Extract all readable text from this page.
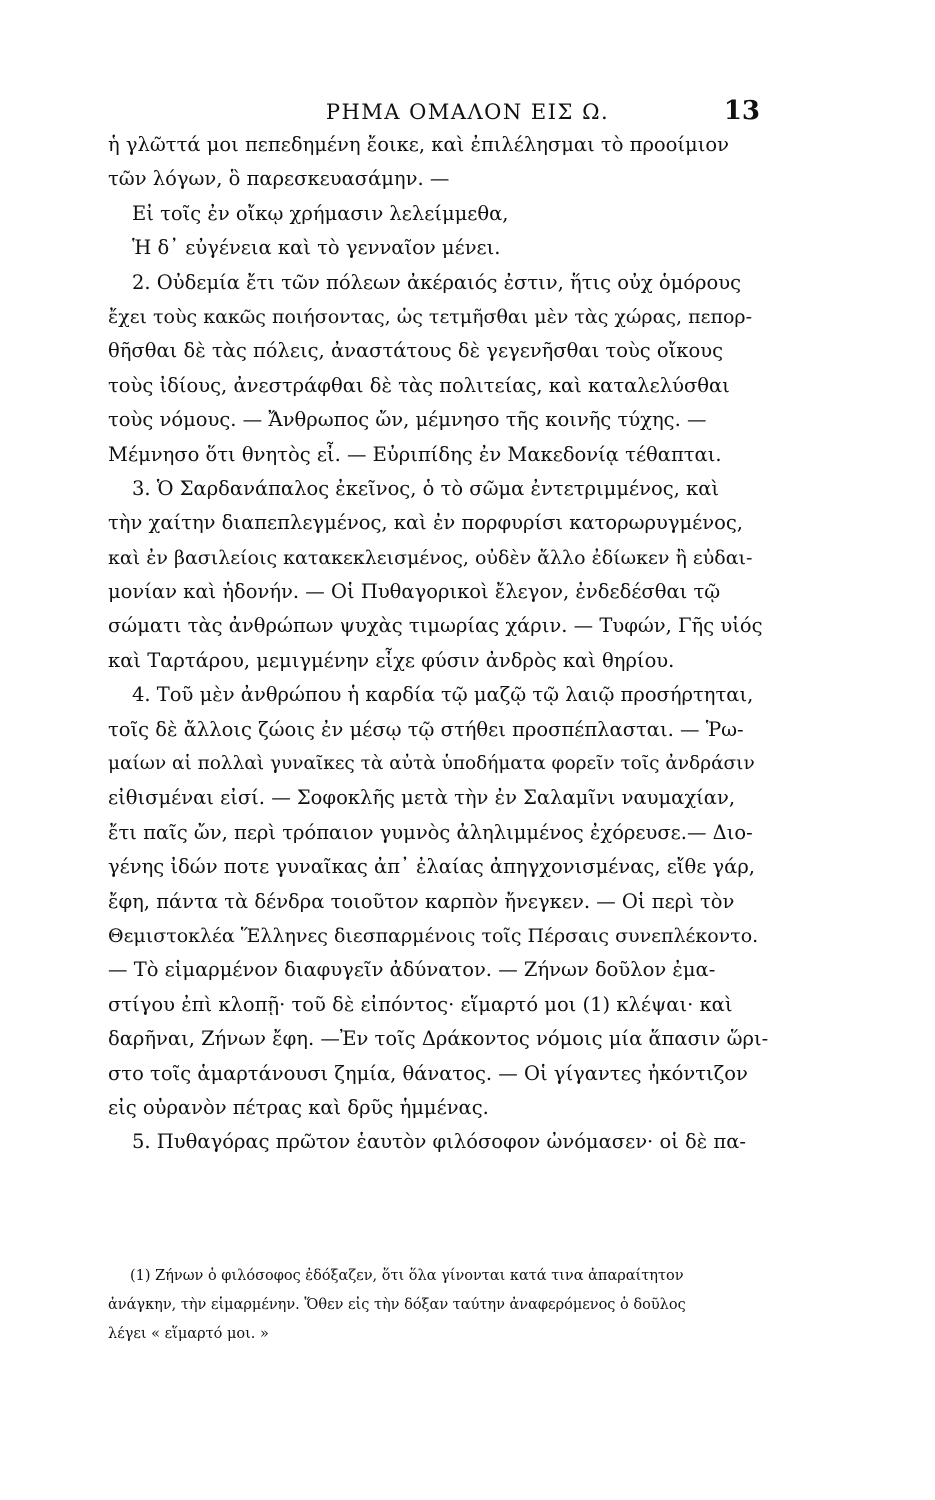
ΡΗΜΑ ΟΜΑΛΟΝ ΕΙΣ Ω.	13
ἡ γλῶττά μοι πεπεδημένη ἔοικε, καὶ ἐπιλέλησμαι τὸ προοίμιον
τῶν λόγων, ὃ παρεσκευασάμην. —
Εἰ τοῖς ἐν οἴκῳ χρήμασιν λελείμμεθα,
Ἡ δ᾽ εὐγένεια καὶ τὸ γενναῖον μένει.
2. Οὐδεμία ἔτι τῶν πόλεων ἀκέραιός ἐστιν, ἥτις οὐχ ὁμόρους
ἔχει τοὺς κακῶς ποιήσοντας, ὡς τετμῆσθαι μὲν τὰς χώρας, πεπορ-
θῆσθαι δὲ τὰς πόλεις, ἀναστάτους δὲ γεγενῆσθαι τοὺς οἴκους
τοὺς ἰδίους, ἀνεστράφθαι δὲ τὰς πολιτείας, καὶ καταλελύσθαι
τοὺς νόμους. — Ἄνθρωπος ὤν, μέμνησο τῆς κοινῆς τύχης. —
Μέμνησο ὅτι θνητὸς εἶ. — Εὐριπίδης ἐν Μακεδονίᾳ τέθαπται.
3. Ὁ Σαρδανάπαλος ἐκεῖνος, ὁ τὸ σῶμα ἐντετριμμένος, καὶ
τὴν χαίτην διαπεπλεγμένος, καὶ ἐν πορφυρίσι κατορωρυγμένος,
καὶ ἐν βασιλείοις κατακεκλεισμένος, οὐδὲν ἄλλο ἐδίωκεν ἢ εὐδαι-
μονίαν καὶ ἡδονήν. — Οἱ Πυθαγορικοὶ ἔλεγον, ἐνδεδέσθαι τῷ
σώματι τὰς ἀνθρώπων ψυχὰς τιμωρίας χάριν. — Τυφών, Γῆς υἱός
καὶ Ταρτάρου, μεμιγμένην εἶχε φύσιν ἀνδρὸς καὶ θηρίου.
4. Τοῦ μὲν ἀνθρώπου ἡ καρδία τῷ μαζῷ τῷ λαιῷ προσήρτηται,
τοῖς δὲ ἄλλοις ζώοις ἐν μέσῳ τῷ στήθει προσπέπλασται. — Ῥω-
μαίων αἱ πολλαὶ γυναῖκες τὰ αὐτὰ ὑποδήματα φορεῖν τοῖς ἀνδράσιν
εἰθισμέναι εἰσί. — Σοφοκλῆς μετὰ τὴν ἐν Σαλαμῖνι ναυμαχίαν,
ἔτι παῖς ὤν, περὶ τρόπαιον γυμνὸς ἀληλιμμένος ἐχόρευσε.— Διο-
γένης ἰδών ποτε γυναῖκας ἀπ᾽ ἐλαίας ἀπηγχονισμένας, εἴθε γάρ,
ἔφη, πάντα τὰ δένδρα τοιοῦτον καρπὸν ἤνεγκεν. — Οἱ περὶ τὸν
Θεμιστοκλέα Ἕλληνες διεσπαρμένοις τοῖς Πέρσαις συνεπλέκοντο.
— Τὸ εἱμαρμένον διαφυγεῖν ἀδύνατον. — Ζήνων δοῦλον ἐμα-
στίγου ἐπὶ κλοπῇ· τοῦ δὲ εἰπόντος· εἵμαρτό μοι (1) κλέψαι· καὶ
δαρῆναι, Ζήνων ἔφη. —Ἐν τοῖς Δράκοντος νόμοις μία ἅπασιν ὥρι-
στο τοῖς ἁμαρτάνουσι ζημία, θάνατος. — Οἱ γίγαντες ἠκόντιζον
εἰς οὐρανὸν πέτρας καὶ δρῦς ἡμμένας.
5. Πυθαγόρας πρῶτον ἑαυτὸν φιλόσοφον ὠνόμασεν· οἱ δὲ πα-
(1) Ζήνων ὁ φιλόσοφος ἐδόξαζεν, ὅτι ὅλα γίνονται κατά τινα ἀπαραίτητον
ἀνάγκην, τὴν εἱμαρμένην. Ὅθεν εἰς τὴν δόξαν ταύτην ἀναφερόμενος ὁ δοῦλος
λέγει « εἵμαρτό μοι. »
